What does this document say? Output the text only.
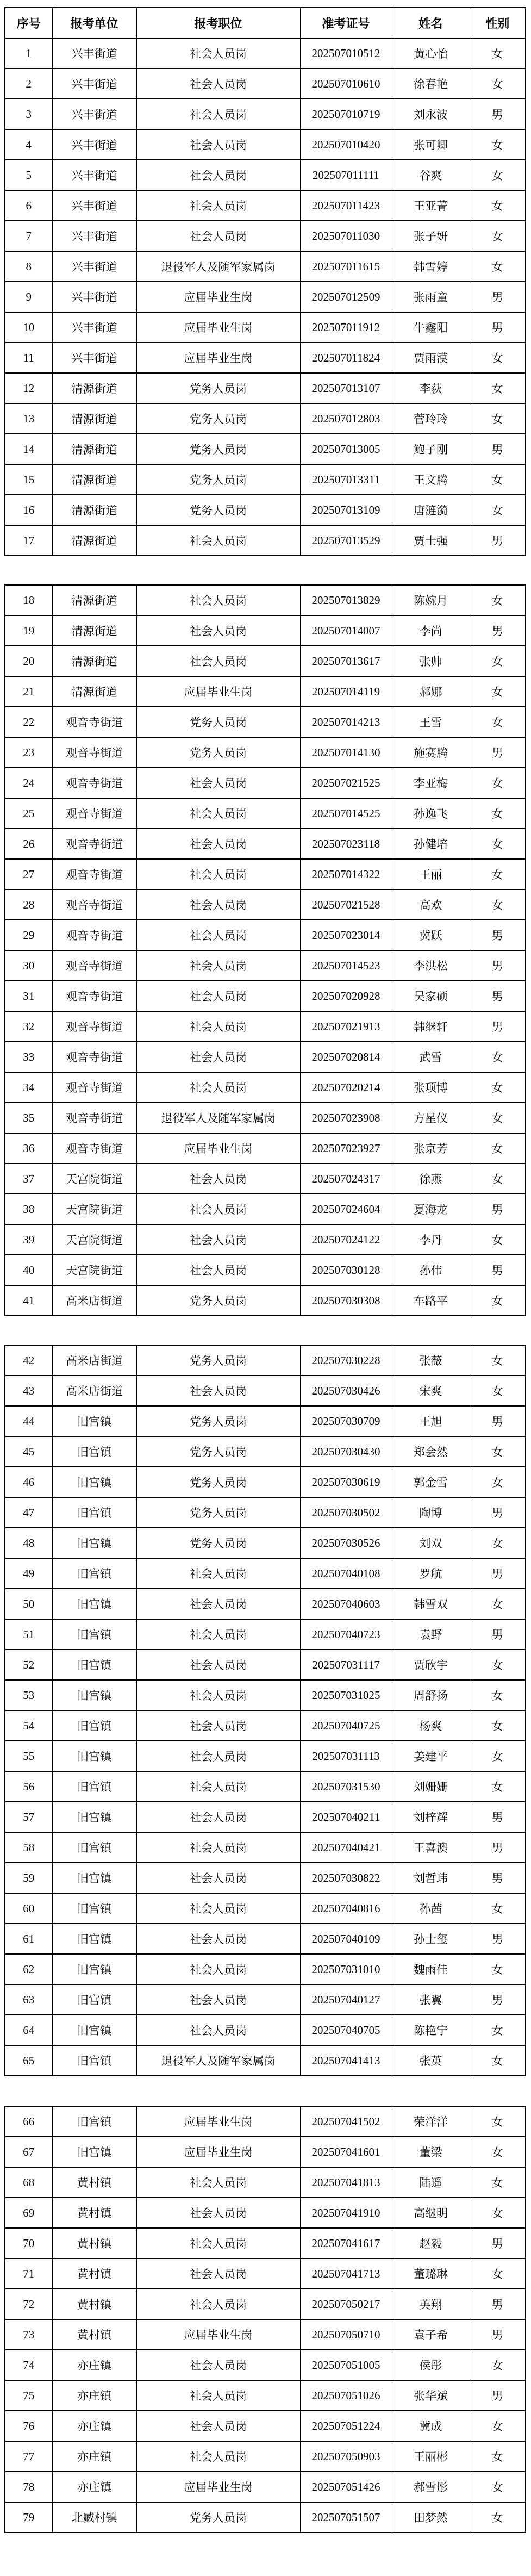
序号	报考单位	报考职位	准考证号	姓名	性别
1	兴丰街道	社会人员岗	202507010512	黄心怡	女
2	兴丰街道	社会人员岗	202507010610	徐春艳	女
3	兴丰街道	社会人员岗	202507010719	刘永波	男
4	兴丰街道	社会人员岗	202507010420	张可卿	女
5	兴丰街道	社会人员岗	202507011111	谷爽	女
6	兴丰街道	社会人员岗	202507011423	王亚菁	女
7	兴丰街道	社会人员岗	202507011030	张子妍	女
8	兴丰街道	退役军人及随军家属岗	202507011615	韩雪婷	女
9	兴丰街道	应届毕业生岗	202507012509	张雨童	男
10	兴丰街道	应届毕业生岗	202507011912	牛鑫阳	男
11	兴丰街道	应届毕业生岗	202507011824	贾雨漠	女
12	清源街道	党务人员岗	202507013107	李荻	女
13	清源街道	党务人员岗	202507012803	菅玲玲	女
14	清源街道	党务人员岗	202507013005	鲍子刚	男
15	清源街道	党务人员岗	202507013311	王文腾	女
16	清源街道	党务人员岗	202507013109	唐涟漪	女
17	清源街道	社会人员岗	202507013529	贾士强	男
18	清源街道	社会人员岗	202507013829	陈婉月	女
19	清源街道	社会人员岗	202507014007	李尚	男
20	清源街道	社会人员岗	202507013617	张帅	女
21	清源街道	应届毕业生岗	202507014119	郝娜	女
22	观音寺街道	党务人员岗	202507014213	王雪	女
23	观音寺街道	党务人员岗	202507014130	施赛腾	男
24	观音寺街道	社会人员岗	202507021525	李亚梅	女
25	观音寺街道	社会人员岗	202507014525	孙逸飞	女
26	观音寺街道	社会人员岗	202507023118	孙健培	女
27	观音寺街道	社会人员岗	202507014322	王丽	女
28	观音寺街道	社会人员岗	202507021528	高欢	女
29	观音寺街道	社会人员岗	202507023014	冀跃	男
30	观音寺街道	社会人员岗	202507014523	李洪松	男
31	观音寺街道	社会人员岗	202507020928	吴家硕	男
32	观音寺街道	社会人员岗	202507021913	韩继轩	男
33	观音寺街道	社会人员岗	202507020814	武雪	女
34	观音寺街道	社会人员岗	202507020214	张项博	女
35	观音寺街道	退役军人及随军家属岗	202507023908	方星仪	女
36	观音寺街道	应届毕业生岗	202507023927	张京芳	女
37	天宫院街道	社会人员岗	202507024317	徐燕	女
38	天宫院街道	社会人员岗	202507024604	夏海龙	男
39	天宫院街道	社会人员岗	202507024122	李丹	女
40	天宫院街道	社会人员岗	202507030128	孙伟	男
41	高米店街道	党务人员岗	202507030308	车路平	女
42	高米店街道	党务人员岗	202507030228	张薇	女
43	高米店街道	社会人员岗	202507030426	宋爽	女
44	旧宫镇	党务人员岗	202507030709	王旭	男
45	旧宫镇	党务人员岗	202507030430	郑会然	女
46	旧宫镇	党务人员岗	202507030619	郭金雪	女
47	旧宫镇	党务人员岗	202507030502	陶博	男
48	旧宫镇	党务人员岗	202507030526	刘双	女
49	旧宫镇	社会人员岗	202507040108	罗航	男
50	旧宫镇	社会人员岗	202507040603	韩雪双	女
51	旧宫镇	社会人员岗	202507040723	袁野	男
52	旧宫镇	社会人员岗	202507031117	贾欣宇	女
53	旧宫镇	社会人员岗	202507031025	周舒扬	女
54	旧宫镇	社会人员岗	202507040725	杨爽	女
55	旧宫镇	社会人员岗	202507031113	姜建平	女
56	旧宫镇	社会人员岗	202507031530	刘姗姗	女
57	旧宫镇	社会人员岗	202507040211	刘梓辉	男
58	旧宫镇	社会人员岗	202507040421	王喜澳	男
59	旧宫镇	社会人员岗	202507030822	刘哲玮	男
60	旧宫镇	社会人员岗	202507040816	孙茜	女
61	旧宫镇	社会人员岗	202507040109	孙士玺	男
62	旧宫镇	社会人员岗	202507031010	魏雨佳	女
63	旧宫镇	社会人员岗	202507040127	张翼	男
64	旧宫镇	社会人员岗	202507040705	陈艳宁	女
65	旧宫镇	退役军人及随军家属岗	202507041413	张英	女
66	旧宫镇	应届毕业生岗	202507041502	荣洋洋	女
67	旧宫镇	应届毕业生岗	202507041601	董梁	女
68	黄村镇	社会人员岗	202507041813	陆遥	女
69	黄村镇	社会人员岗	202507041910	高继明	女
70	黄村镇	社会人员岗	202507041617	赵毅	男
71	黄村镇	社会人员岗	202507041713	董璐琳	女
72	黄村镇	社会人员岗	202507050217	英翔	男
73	黄村镇	应届毕业生岗	202507050710	袁子希	男
74	亦庄镇	社会人员岗	202507051005	侯彤	女
75	亦庄镇	社会人员岗	202507051026	张华斌	男
76	亦庄镇	社会人员岗	202507051224	冀成	女
77	亦庄镇	社会人员岗	202507050903	王丽彬	女
78	亦庄镇	应届毕业生岗	202507051426	郝雪彤	女
79	北臧村镇	党务人员岗	202507051507	田梦然	女
